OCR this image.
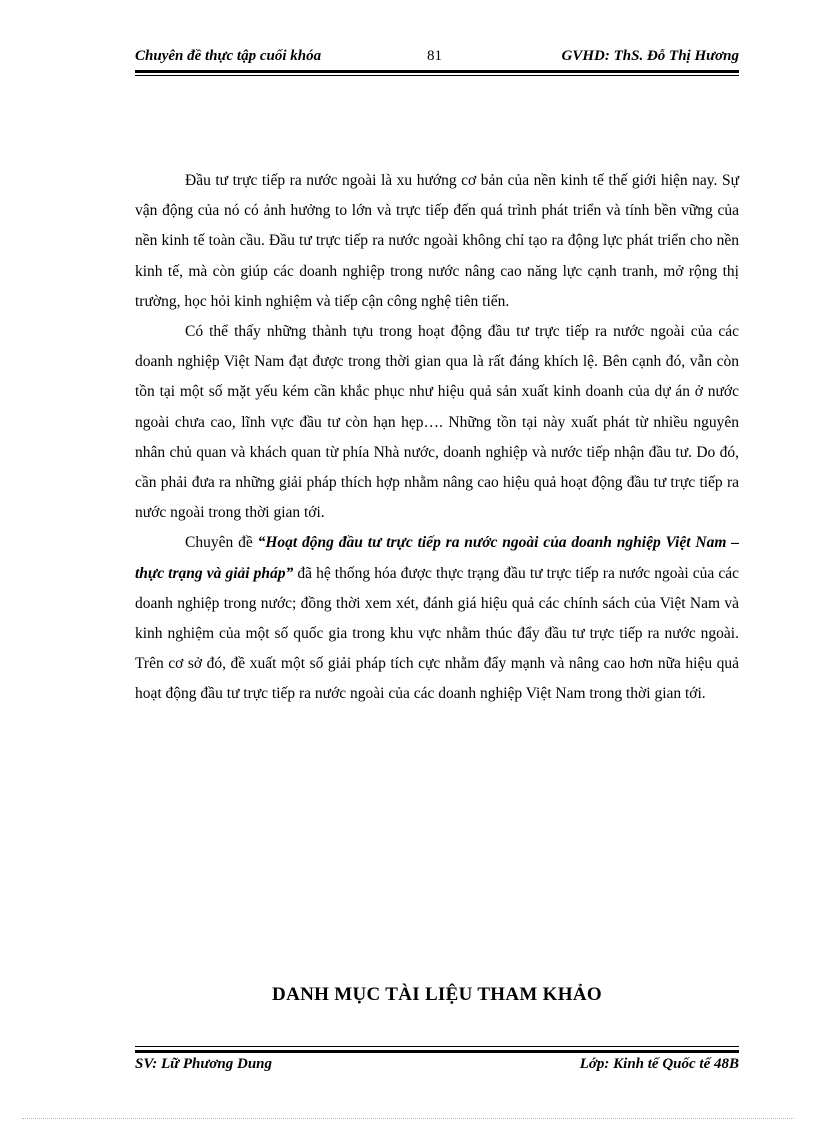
Chuyên đề thực tập cuối khóa	81	GVHD: ThS. Đỗ Thị Hương

Đầu tư trực tiếp ra nước ngoài là xu hướng cơ bản của nền kinh tế thế giới hiện nay. Sự vận động của nó có ảnh hưởng to lớn và trực tiếp đến quá trình phát triển và tính bền vững của nền kinh tế toàn cầu. Đầu tư trực tiếp ra nước ngoài không chỉ tạo ra động lực phát triển cho nền kinh tế, mà còn giúp các doanh nghiệp trong nước nâng cao năng lực cạnh tranh, mở rộng thị trường, học hỏi kinh nghiệm và tiếp cận công nghệ tiên tiến.

Có thể thấy những thành tựu trong hoạt động đầu tư trực tiếp ra nước ngoài của các doanh nghiệp Việt Nam đạt được trong thời gian qua là rất đáng khích lệ. Bên cạnh đó, vẫn còn tồn tại một số mặt yếu kém cần khắc phục như hiệu quả sản xuất kinh doanh của dự án ở nước ngoài chưa cao, lĩnh vực đầu tư còn hạn hẹp…. Những tồn tại này xuất phát từ nhiều nguyên nhân chủ quan và khách quan từ phía Nhà nước, doanh nghiệp và nước tiếp nhận đầu tư. Do đó, cần phải đưa ra những giải pháp thích hợp nhằm nâng cao hiệu quả hoạt động đầu tư trực tiếp ra nước ngoài trong thời gian tới.

Chuyên đề “Hoạt động đầu tư trực tiếp ra nước ngoài của doanh nghiệp Việt Nam – thực trạng và giải pháp” đã hệ thống hóa được thực trạng đầu tư trực tiếp ra nước ngoài của các doanh nghiệp trong nước; đồng thời xem xét, đánh giá hiệu quả các chính sách của Việt Nam và kinh nghiệm của một số quốc gia trong khu vực nhằm thúc đẩy đầu tư trực tiếp ra nước ngoài. Trên cơ sở đó, đề xuất một số giải pháp tích cực nhằm đẩy mạnh và nâng cao hơn nữa hiệu quả hoạt động đầu tư trực tiếp ra nước ngoài của các doanh nghiệp Việt Nam trong thời gian tới.

DANH MỤC TÀI LIỆU THAM KHẢO
SV: Lữ Phương Dung	Lớp: Kinh tế Quốc tế 48B
